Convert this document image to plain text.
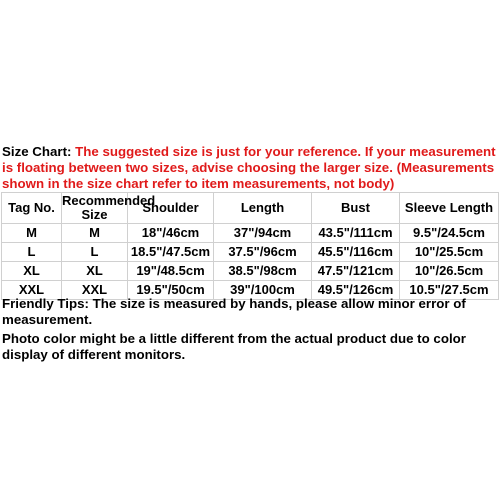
Size Chart: The suggested size is just for your reference. If your measurement is floating between two sizes, advise choosing the larger size. (Measurements shown in the size chart refer to item measurements, not body)

Tag No.	Recommended Size	Shoulder	Length	Bust	Sleeve Length
M	M	18"/46cm	37"/94cm	43.5"/111cm	9.5"/24.5cm
L	L	18.5"/47.5cm	37.5"/96cm	45.5"/116cm	10"/25.5cm
XL	XL	19"/48.5cm	38.5"/98cm	47.5"/121cm	10"/26.5cm
XXL	XXL	19.5"/50cm	39"/100cm	49.5"/126cm	10.5"/27.5cm

Friendly Tips: The size is measured by hands, please allow minor error of measurement.

Photo color might be a little different from the actual product due to color display of different monitors.
